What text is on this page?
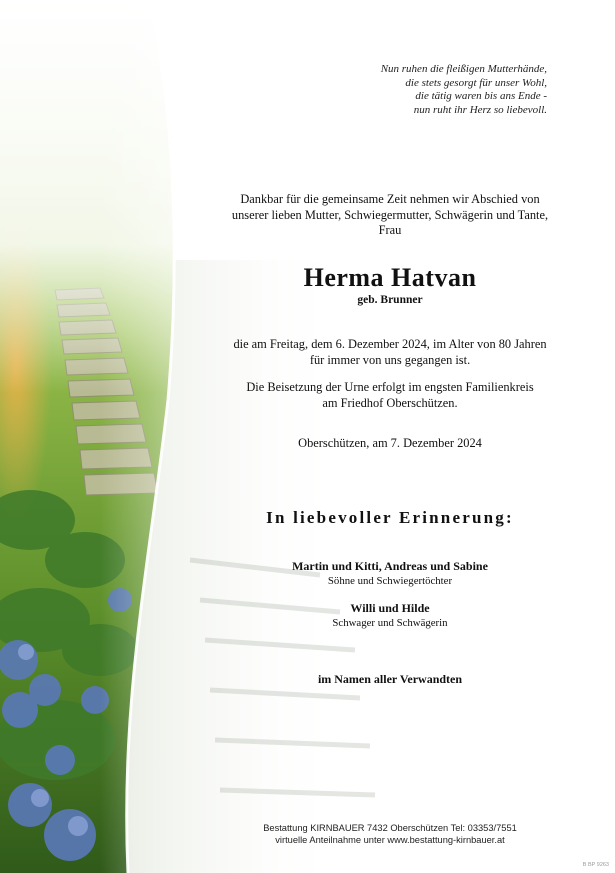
Nun ruhen die fleißigen Mutterhände,
die stets gesorgt für unser Wohl,
die tätig waren bis ans Ende -
nun ruht ihr Herz so liebevoll.
Dankbar für die gemeinsame Zeit nehmen wir Abschied von
unserer lieben Mutter, Schwiegermutter, Schwägerin und Tante,
Frau
Herma Hatvan
geb. Brunner
die am Freitag, dem 6. Dezember 2024, im Alter von 80 Jahren
für immer von uns gegangen ist.
Die Beisetzung der Urne erfolgt im engsten Familienkreis
am Friedhof Oberschützen.
Oberschützen, am 7. Dezember 2024
In liebevoller Erinnerung:
Martin und Kitti, Andreas und Sabine
Söhne und Schwiegertöchter
Willi und Hilde
Schwager und Schwägerin
im Namen aller Verwandten
Bestattung KIRNBAUER 7432 Oberschützen Tel: 03353/7551
virtuelle Anteilnahme unter www.bestattung-kirnbauer.at
B BP 9263
